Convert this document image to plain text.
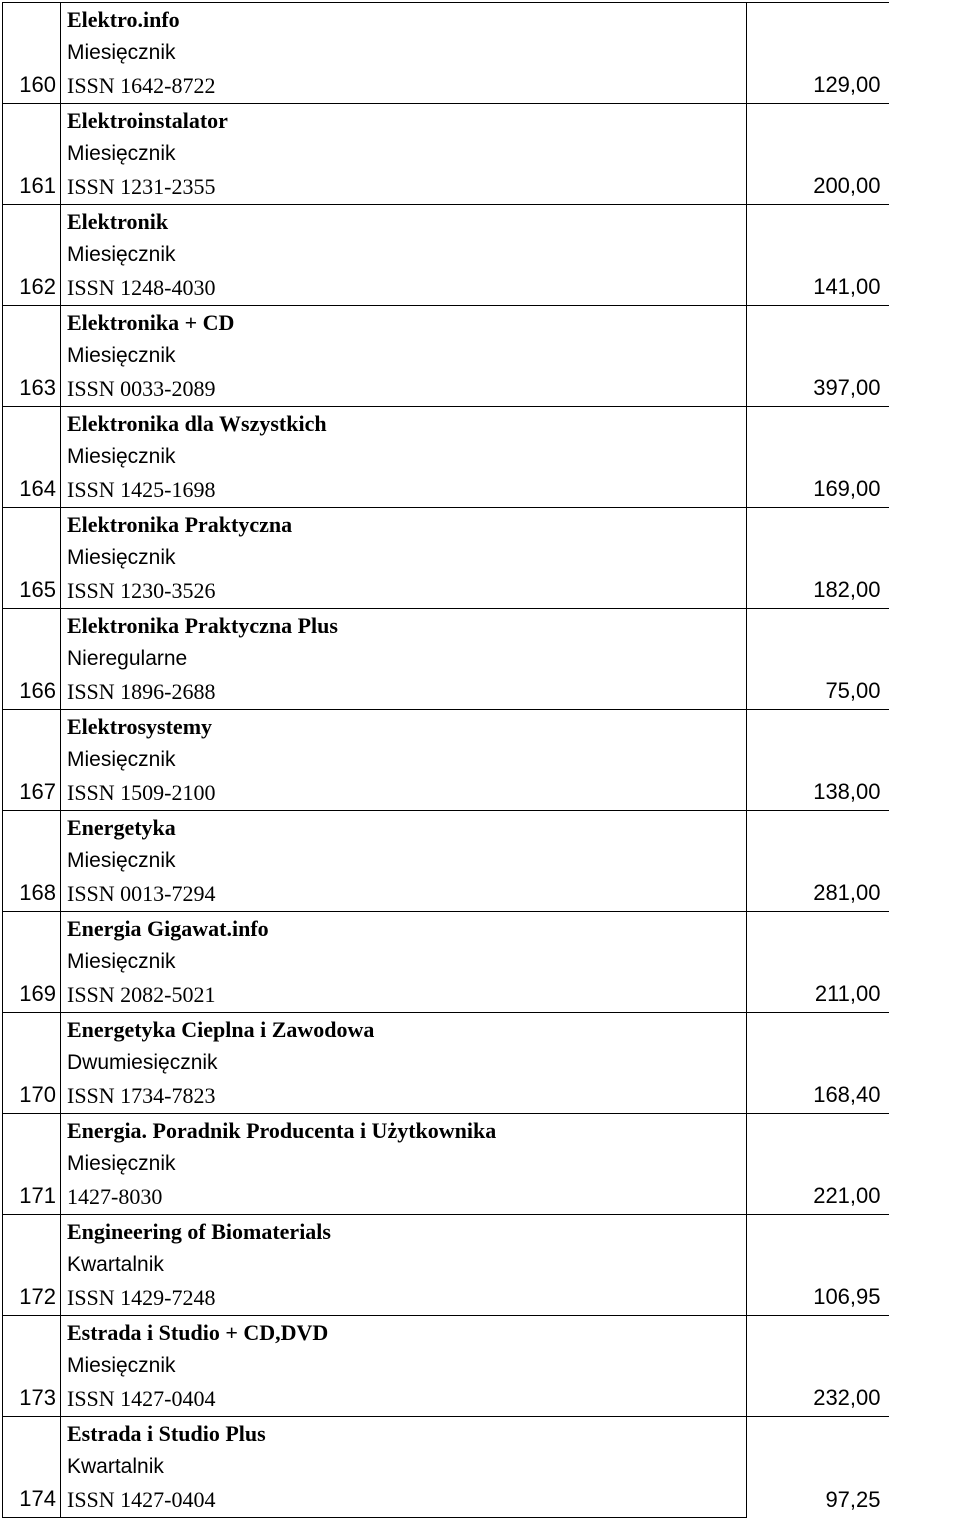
160	Elektro.info
Miesięcznik
ISSN 1642-8722	129,00
161	Elektroinstalator
Miesięcznik
ISSN 1231-2355	200,00
162	Elektronik
Miesięcznik
ISSN 1248-4030	141,00
163	Elektronika + CD
Miesięcznik
ISSN 0033-2089	397,00
164	Elektronika dla Wszystkich
Miesięcznik
ISSN 1425-1698	169,00
165	Elektronika Praktyczna
Miesięcznik
ISSN 1230-3526	182,00
166	Elektronika Praktyczna Plus
Nieregularne
ISSN 1896-2688	75,00
167	Elektrosystemy
Miesięcznik
ISSN 1509-2100	138,00
168	Energetyka
Miesięcznik
ISSN 0013-7294	281,00
169	Energia Gigawat.info
Miesięcznik
ISSN 2082-5021	211,00
170	Energetyka Cieplna i Zawodowa
Dwumiesięcznik
ISSN 1734-7823	168,40
171	Energia. Poradnik Producenta i Użytkownika
Miesięcznik
1427-8030	221,00
172	Engineering of Biomaterials
Kwartalnik
ISSN 1429-7248	106,95
173	Estrada i Studio + CD,DVD
Miesięcznik
ISSN 1427-0404	232,00
174	Estrada i Studio Plus
Kwartalnik
ISSN 1427-0404	97,25
